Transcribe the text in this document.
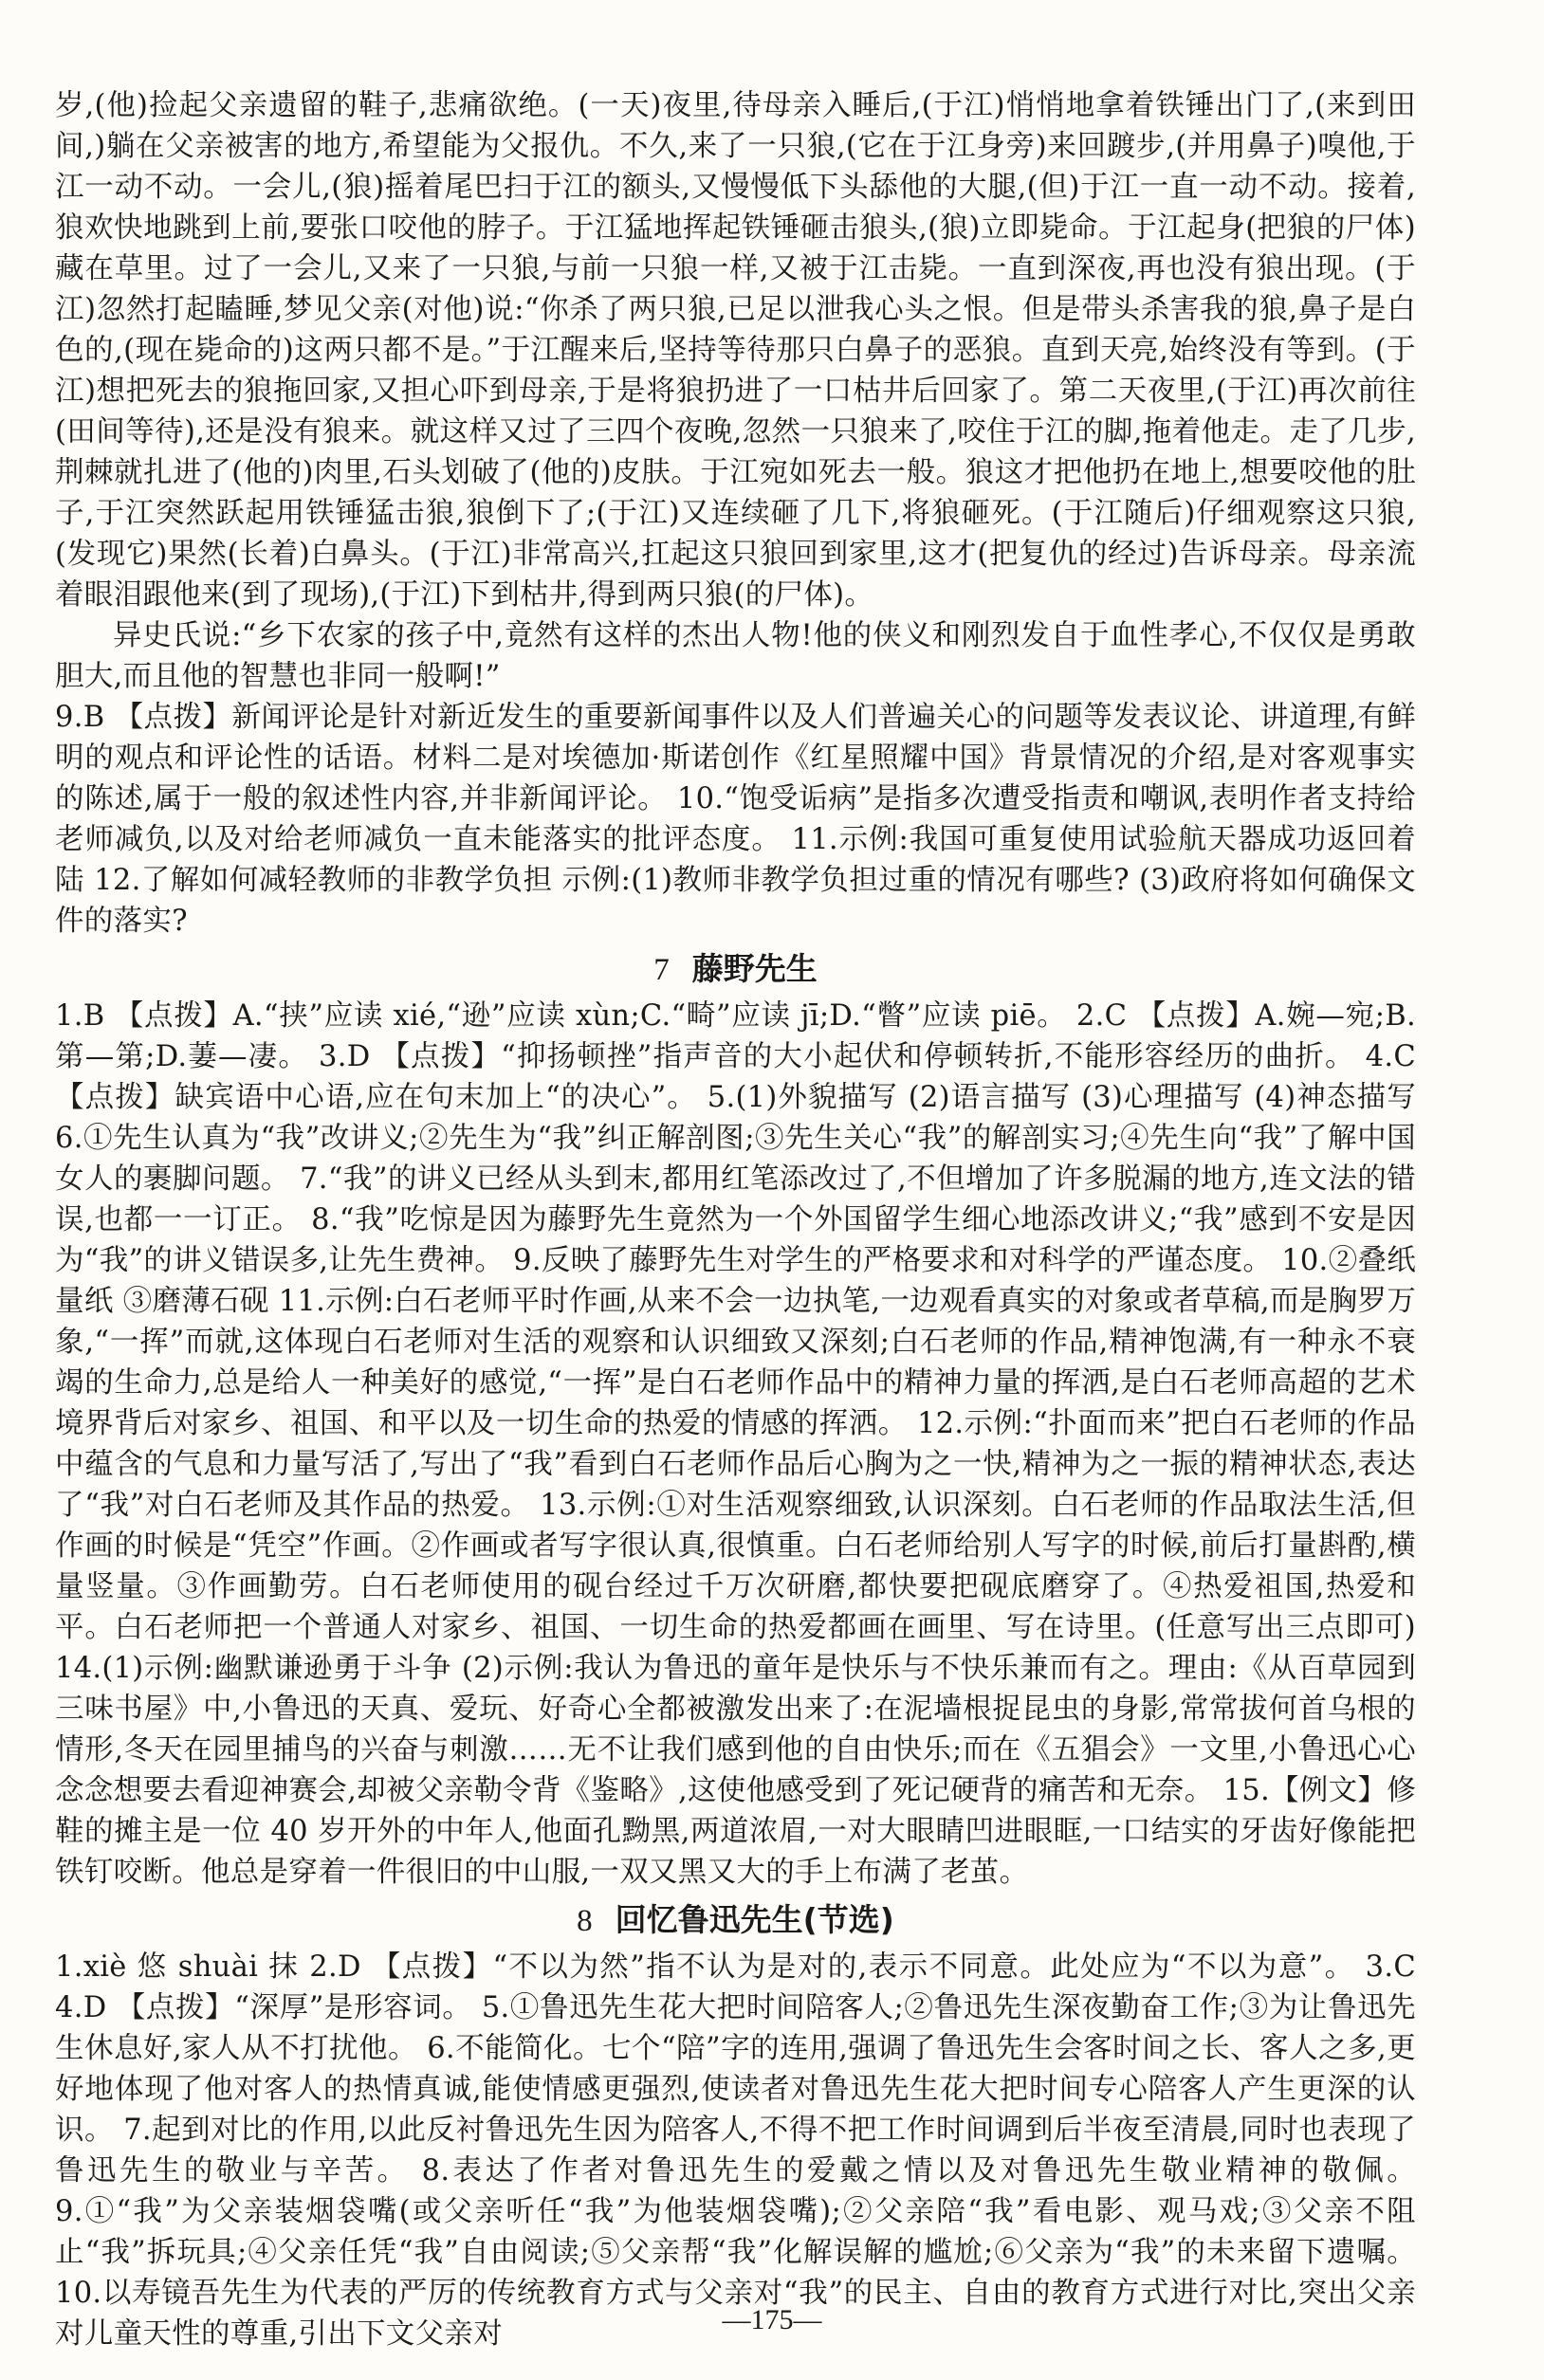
岁,(他)捡起父亲遗留的鞋子,悲痛欲绝。(一天)夜里,待母亲入睡后,(于江)悄悄地拿着铁锤出门了,(来到田间,)躺在父亲被害的地方,希望能为父报仇。不久,来了一只狼,(它在于江身旁)来回踱步,(并用鼻子)嗅他,于江一动不动。一会儿,(狼)摇着尾巴扫于江的额头,又慢慢低下头舔他的大腿,(但)于江一直一动不动。接着,狼欢快地跳到上前,要张口咬他的脖子。于江猛地挥起铁锤砸击狼头,(狼)立即毙命。于江起身(把狼的尸体)藏在草里。过了一会儿,又来了一只狼,与前一只狼一样,又被于江击毙。一直到深夜,再也没有狼出现。(于江)忽然打起瞌睡,梦见父亲(对他)说:“你杀了两只狼,已足以泄我心头之恨。但是带头杀害我的狼,鼻子是白色的,(现在毙命的)这两只都不是。”于江醒来后,坚持等待那只白鼻子的恶狼。直到天亮,始终没有等到。(于江)想把死去的狼拖回家,又担心吓到母亲,于是将狼扔进了一口枯井后回家了。第二天夜里,(于江)再次前往(田间等待),还是没有狼来。就这样又过了三四个夜晚,忽然一只狼来了,咬住于江的脚,拖着他走。走了几步,荆棘就扎进了(他的)肉里,石头划破了(他的)皮肤。于江宛如死去一般。狼这才把他扔在地上,想要咬他的肚子,于江突然跃起用铁锤猛击狼,狼倒下了;(于江)又连续砸了几下,将狼砸死。(于江随后)仔细观察这只狼,(发现它)果然(长着)白鼻头。(于江)非常高兴,扛起这只狼回到家里,这才(把复仇的经过)告诉母亲。母亲流着眼泪跟他来(到了现场),(于江)下到枯井,得到两只狼(的尸体)。

异史氏说:“乡下农家的孩子中,竟然有这样的杰出人物!他的侠义和刚烈发自于血性孝心,不仅仅是勇敢胆大,而且他的智慧也非同一般啊!”

9.B 【点拨】新闻评论是针对新近发生的重要新闻事件以及人们普遍关心的问题等发表议论、讲道理,有鲜明的观点和评论性的话语。材料二是对埃德加·斯诺创作《红星照耀中国》背景情况的介绍,是对客观事实的陈述,属于一般的叙述性内容,并非新闻评论。 10.“饱受诟病”是指多次遭受指责和嘲讽,表明作者支持给老师减负,以及对给老师减负一直未能落实的批评态度。 11.示例:我国可重复使用试验航天器成功返回着陆 12.了解如何减轻教师的非教学负担 示例:(1)教师非教学负担过重的情况有哪些? (3)政府将如何确保文件的落实?

7 藤野先生

1.B 【点拨】A.“挟”应读 xié,“逊”应读 xùn;C.“畸”应读 jī;D.“瞥”应读 piē。 2.C 【点拨】A.婉—宛;B.第—第;D.萋—凄。 3.D 【点拨】“抑扬顿挫”指声音的大小起伏和停顿转折,不能形容经历的曲折。 4.C 【点拨】缺宾语中心语,应在句末加上“的决心”。 5.(1)外貌描写 (2)语言描写 (3)心理描写 (4)神态描写 6.①先生认真为“我”改讲义;②先生为“我”纠正解剖图;③先生关心“我”的解剖实习;④先生向“我”了解中国女人的裹脚问题。 7.“我”的讲义已经从头到末,都用红笔添改过了,不但增加了许多脱漏的地方,连文法的错误,也都一一订正。 8.“我”吃惊是因为藤野先生竟然为一个外国留学生细心地添改讲义;“我”感到不安是因为“我”的讲义错误多,让先生费神。 9.反映了藤野先生对学生的严格要求和对科学的严谨态度。 10.②叠纸量纸 ③磨薄石砚 11.示例:白石老师平时作画,从来不会一边执笔,一边观看真实的对象或者草稿,而是胸罗万象,“一挥”而就,这体现白石老师对生活的观察和认识细致又深刻;白石老师的作品,精神饱满,有一种永不衰竭的生命力,总是给人一种美好的感觉,“一挥”是白石老师作品中的精神力量的挥洒,是白石老师高超的艺术境界背后对家乡、祖国、和平以及一切生命的热爱的情感的挥洒。 12.示例:“扑面而来”把白石老师的作品中蕴含的气息和力量写活了,写出了“我”看到白石老师作品后心胸为之一快,精神为之一振的精神状态,表达了“我”对白石老师及其作品的热爱。 13.示例:①对生活观察细致,认识深刻。白石老师的作品取法生活,但作画的时候是“凭空”作画。②作画或者写字很认真,很慎重。白石老师给别人写字的时候,前后打量斟酌,横量竖量。③作画勤劳。白石老师使用的砚台经过千万次研磨,都快要把砚底磨穿了。④热爱祖国,热爱和平。白石老师把一个普通人对家乡、祖国、一切生命的热爱都画在画里、写在诗里。(任意写出三点即可) 14.(1)示例:幽默谦逊勇于斗争 (2)示例:我认为鲁迅的童年是快乐与不快乐兼而有之。理由:《从百草园到三味书屋》中,小鲁迅的天真、爱玩、好奇心全都被激发出来了:在泥墙根捉昆虫的身影,常常拔何首乌根的情形,冬天在园里捕鸟的兴奋与刺激……无不让我们感到他的自由快乐;而在《五猖会》一文里,小鲁迅心心念念想要去看迎神赛会,却被父亲勒令背《鉴略》,这使他感受到了死记硬背的痛苦和无奈。 15.【例文】修鞋的摊主是一位 40 岁开外的中年人,他面孔黝黑,两道浓眉,一对大眼睛凹进眼眶,一口结实的牙齿好像能把铁钉咬断。他总是穿着一件很旧的中山服,一双又黑又大的手上布满了老茧。

8 回忆鲁迅先生(节选)

1.xiè 悠 shuài 抹 2.D 【点拨】“不以为然”指不认为是对的,表示不同意。此处应为“不以为意”。 3.C 4.D 【点拨】“深厚”是形容词。 5.①鲁迅先生花大把时间陪客人;②鲁迅先生深夜勤奋工作;③为让鲁迅先生休息好,家人从不打扰他。 6.不能简化。七个“陪”字的连用,强调了鲁迅先生会客时间之长、客人之多,更好地体现了他对客人的热情真诚,能使情感更强烈,使读者对鲁迅先生花大把时间专心陪客人产生更深的认识。 7.起到对比的作用,以此反衬鲁迅先生因为陪客人,不得不把工作时间调到后半夜至清晨,同时也表现了鲁迅先生的敬业与辛苦。 8.表达了作者对鲁迅先生的爱戴之情以及对鲁迅先生敬业精神的敬佩。 9.①“我”为父亲装烟袋嘴(或父亲听任“我”为他装烟袋嘴);②父亲陪“我”看电影、观马戏;③父亲不阻止“我”拆玩具;④父亲任凭“我”自由阅读;⑤父亲帮“我”化解误解的尴尬;⑥父亲为“我”的未来留下遗嘱。 10.以寿镜吾先生为代表的严厉的传统教育方式与父亲对“我”的民主、自由的教育方式进行对比,突出父亲对儿童天性的尊重,引出下文父亲对	—175—
